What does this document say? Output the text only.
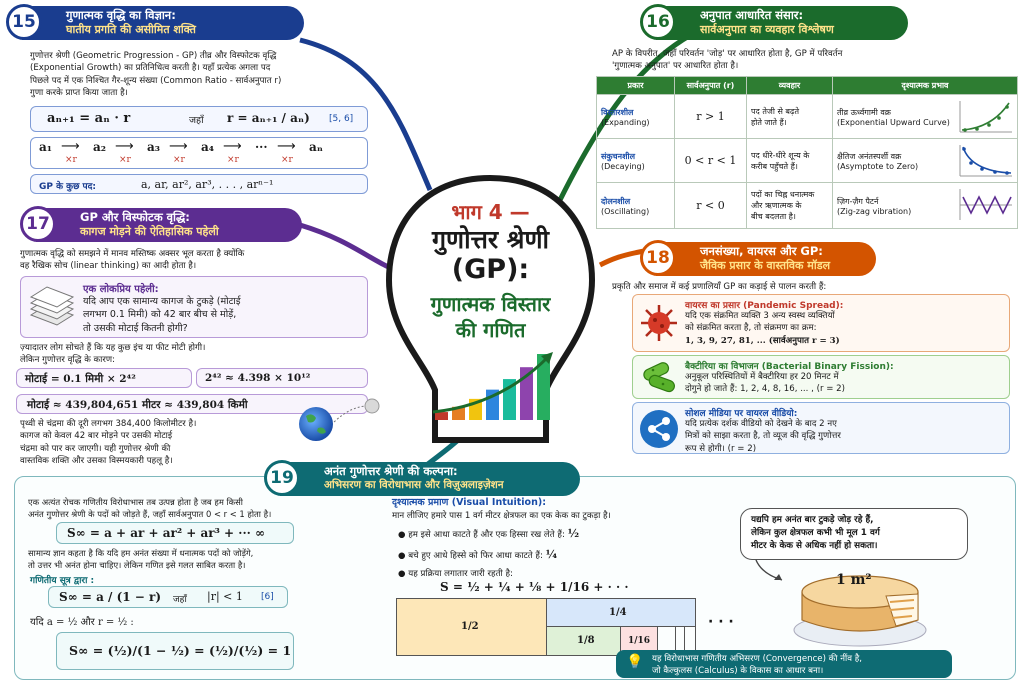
भाग 4 —
गुणोत्तर श्रेणी
(GP):
गुणात्मक विस्तार
की गणित
15	गुणात्मक वृद्धि का विज्ञान:
घातीय प्रगति की असीमित शक्ति
गुणोत्तर श्रेणी (Geometric Progression - GP) तीव्र और विस्फोटक वृद्धि
(Exponential Growth) का प्रतिनिधित्व करती है। यहाँ प्रत्येक अगला पद
पिछले पद में एक निश्चित गैर-शून्य संख्या (Common Ratio - सार्वअनुपात r)
गुणा करके प्राप्त किया जाता है।
aₙ₊₁ = aₙ · r	जहाँ r = aₙ₊₁ / aₙ) [5, 6]
a₁ ⟶
×r
a₂ ⟶
×r
a₃ ⟶
×r
a₄ ⟶
×r
··· ⟶
×r
aₙ
GP के कुछ पद:	a, ar, ar², ar³, . . . , arⁿ⁻¹
16	अनुपात आधारित संसार:
सार्वअनुपात का व्यवहार विश्लेषण
AP के विपरीत, जहाँ परिवर्तन 'जोड़' पर आधारित होता है, GP में परिवर्तन
'गुणात्मक अनुपात' पर आधारित होता है।
प्रकार	सार्वअनुपात (r)	व्यवहार	दृश्यात्मक प्रभाव

विस्तारशील
(Expanding)	r > 1	पद तेजी से बढ़ते
होते जाते हैं।	तीव्र ऊर्ध्वगामी वक्र
(Exponential Upward Curve)

संकुचनशील
(Decaying)	0 < r < 1	पद धीरे-धीरे शून्य के
करीब पहुँचते हैं।	क्षैतिज अनंतस्पर्शी वक्र
(Asymptote to Zero)

दोलनशील
(Oscillating)	r < 0	पदों का चिह्न धनात्मक
और ऋणात्मक के
बीच बदलता है।	ज़िग-ज़ैग पैटर्न
(Zig-zag vibration)
17	GP और विस्फोटक वृद्धि:
कागज मोड़ने की ऐतिहासिक पहेली
गुणात्मक वृद्धि को समझने में मानव मस्तिष्क अक्सर भूल करता है क्योंकि
वह रैखिक सोच (linear thinking) का आदी होता है।
एक लोकप्रिय पहेली:
यदि आप एक सामान्य कागज के टुकड़े (मोटाई
लगभग 0.1 मिमी) को 42 बार बीच से मोड़ें,
तो उसकी मोटाई कितनी होगी?
ज़्यादातर लोग सोचते हैं कि यह कुछ इंच या फीट मोटी होगी।
लेकिन गुणोत्तर वृद्धि के कारण:
मोटाई = 0.1 मिमी × 2⁴²	2⁴² ≈ 4.398 × 10¹²
मोटाई ≈ 439,804,651 मीटर ≈ 439,804 किमी
पृथ्वी से चंद्रमा की दूरी लगभग 384,400 किलोमीटर है।
कागज को केवल 42 बार मोड़ने पर उसकी मोटाई
चंद्रमा को पार कर जाएगी। यही गुणोत्तर श्रेणी की
वास्तविक शक्ति और उसका विस्मयकारी पहलू है।
18	जनसंख्या, वायरस और GP:
जैविक प्रसार के वास्तविक मॉडल
प्रकृति और समाज में कई प्रणालियाँ GP का कड़ाई से पालन करती हैं:
वायरस का प्रसार (Pandemic Spread):
यदि एक संक्रमित व्यक्ति 3 अन्य स्वस्थ व्यक्तियों
को संक्रमित करता है, तो संक्रमण का क्रम:
1, 3, 9, 27, 81, ... (सार्वअनुपात r = 3)
बैक्टीरिया का विभाजन (Bacterial Binary Fission):
अनुकूल परिस्थितियों में बैक्टीरिया हर 20 मिनट में
दोगुने हो जाते हैं: 1, 2, 4, 8, 16, ... , (r = 2)
सोशल मीडिया पर वायरल वीडियो:
यदि प्रत्येक दर्शक वीडियो को देखने के बाद 2 नए
मित्रों को साझा करता है, तो व्यूज की वृद्धि गुणोत्तर
रूप से होगी। (r = 2)
19	अनंत गुणोत्तर श्रेणी की कल्पना:
अभिसरण का विरोधाभास और विज़ुअलाइज़ेशन
एक अत्यंत रोचक गणितीय विरोधाभास तब उत्पन्न होता है जब हम किसी
अनंत गुणोत्तर श्रेणी के पदों को जोड़ते हैं, जहाँ सार्वअनुपात 0 < r < 1 होता है।
S∞ = a + ar + ar² + ar³ + ··· ∞
सामान्य ज्ञान कहता है कि यदि हम अनंत संख्या में धनात्मक पदों को जोड़ेंगे,
तो उत्तर भी अनंत होना चाहिए। लेकिन गणित इसे गलत साबित करता है।
गणितीय सूत्र द्वारा :
S∞ = a / (1 − r) जहाँ |r| < 1 [6]
यदि a = ½ और r = ½ :
S∞ = (½)/(1 − ½) = (½)/(½) = 1
दृश्यात्मक प्रमाण (Visual Intuition):
मान लीजिए हमारे पास 1 वर्ग मीटर क्षेत्रफल का एक केक का टुकड़ा है।
● हम इसे आधा काटते हैं और एक हिस्सा रख लेते हैं: ½
● बचे हुए आधे हिस्से को फिर आधा काटते हैं: ¼
● यह प्रक्रिया लगातार जारी रहती है:
S = ½ + ¼ + ⅛ + 1/16 + · · ·
1/2
1/4
1/8	1/16
· · ·
यद्यपि हम अनंत बार टुकड़े जोड़ रहे हैं,
लेकिन कुल क्षेत्रफल कभी भी मूल 1 वर्ग
मीटर के केक से अधिक नहीं हो सकता।
1 m²
💡 यह विरोधाभास गणितीय अभिसरण (Convergence) की नींव है,
जो कैल्कुलस (Calculus) के विकास का आधार बना।
